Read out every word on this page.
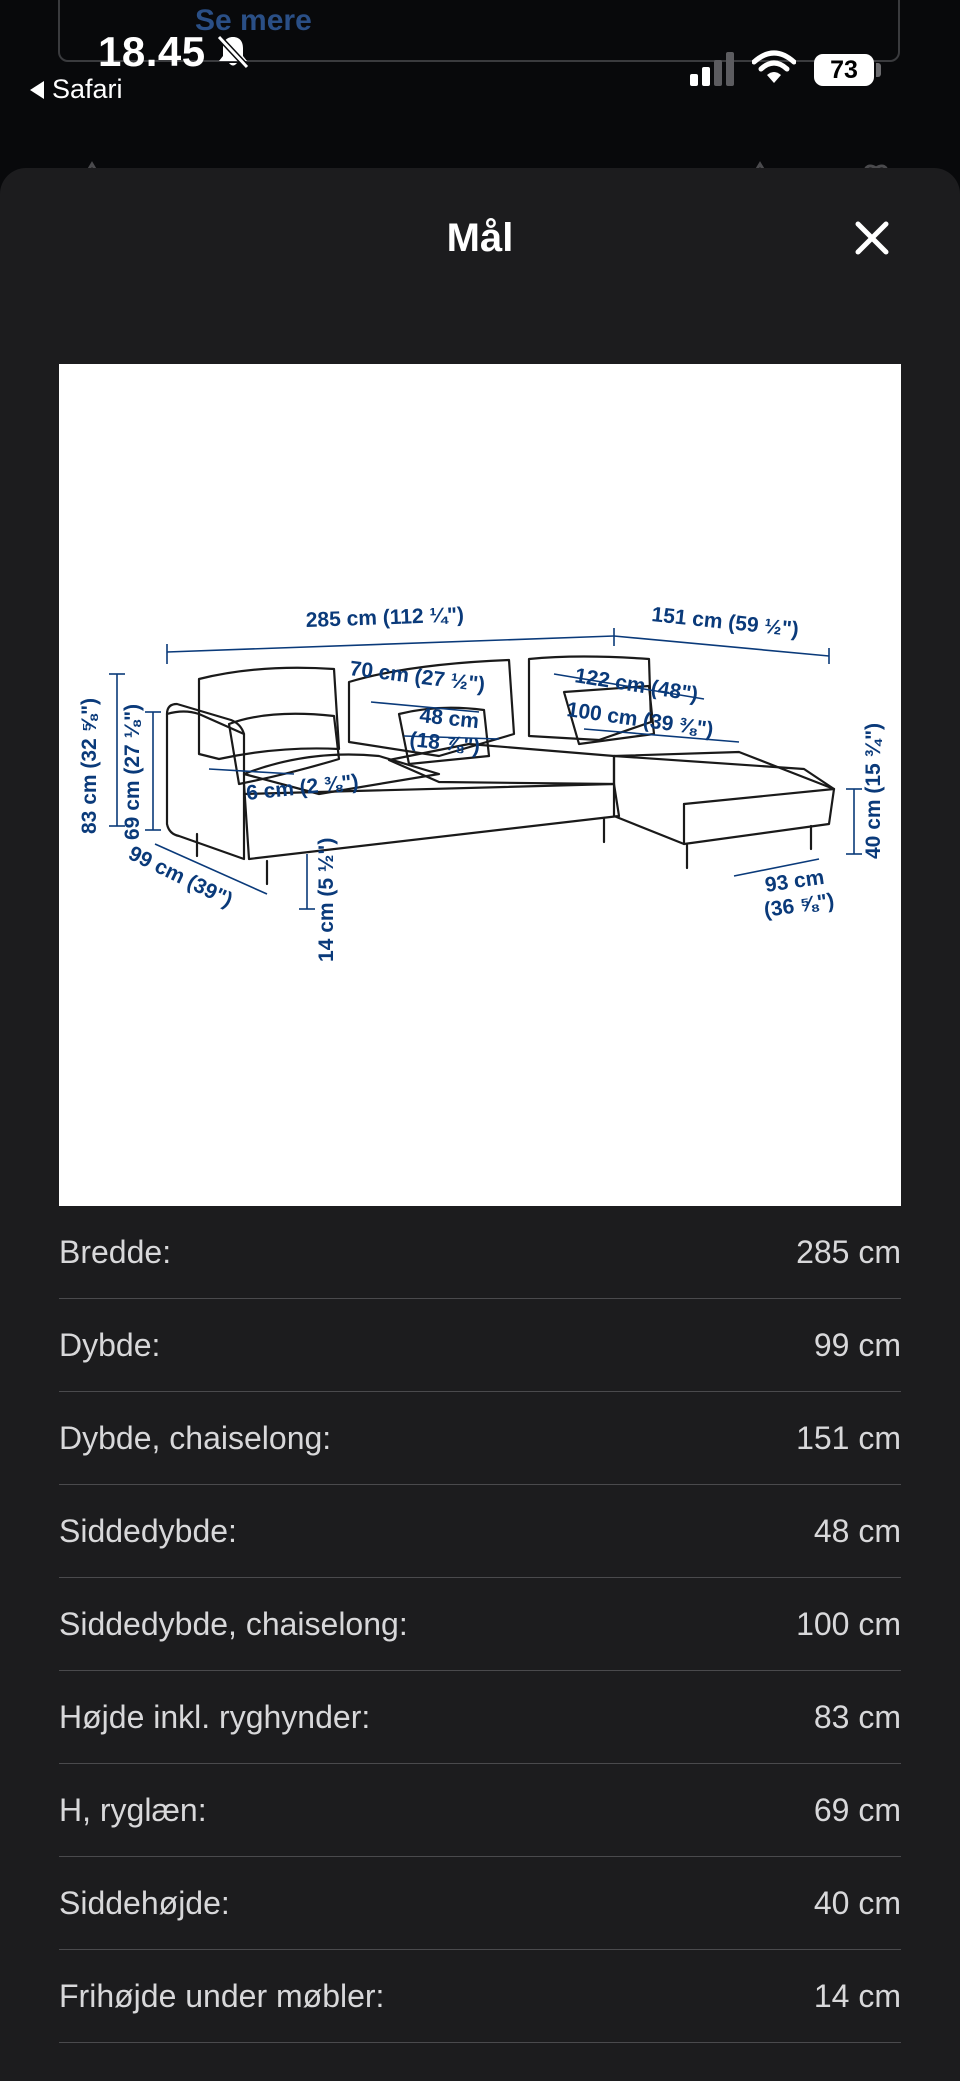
Se mere
18.45
Safari
73
Mål
285 cm (112 ¼")	151 cm (59 ½")
70 cm (27 ½")
48 cm
(18 ⅞")
122 cm (48")
100 cm (39 ⅜")
6 cm (2 ⅜")
83 cm (32 ⅝") 69 cm (27 ⅛")
99 cm (39")	14 cm (5 ½")	93 cm
(36 ⅝")
40 cm (15 ¾")
Bredde:	285 cm
Dybde:	99 cm
Dybde, chaiselong:	151 cm
Siddedybde:	48 cm
Siddedybde, chaiselong:	100 cm
Højde inkl. ryghynder:	83 cm
H, ryglæn:	69 cm
Siddehøjde:	40 cm
Frihøjde under møbler:	14 cm
